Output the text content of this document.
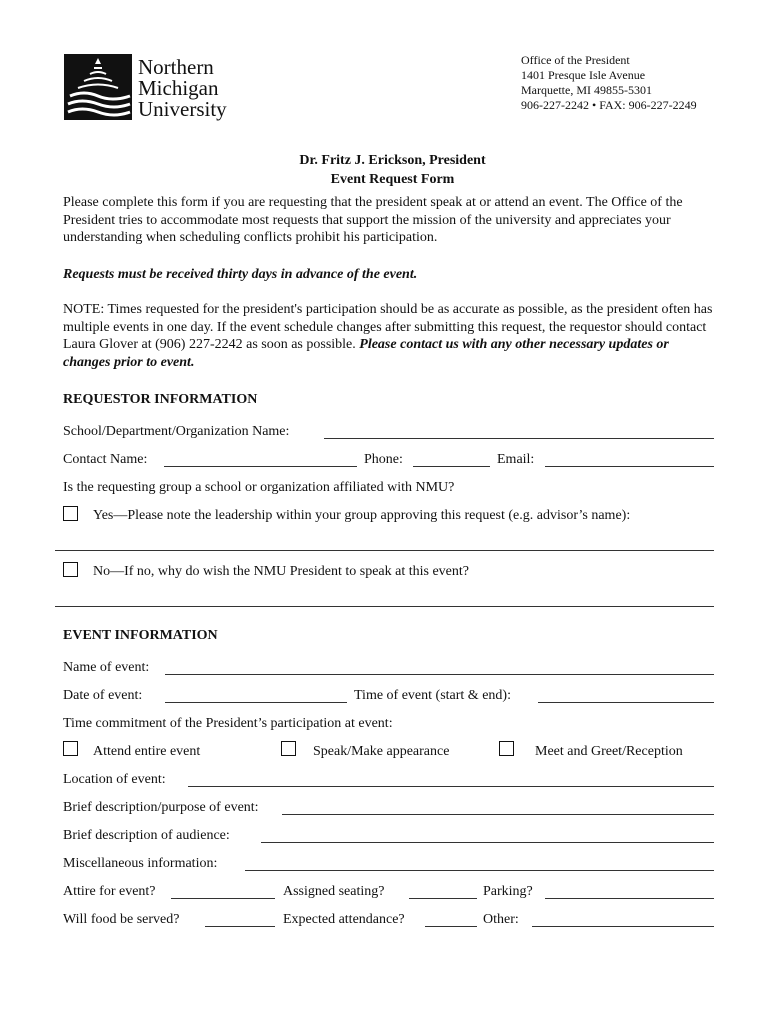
Northern
Michigan
University
Office of the President
1401 Presque Isle Avenue
Marquette, MI 49855-5301
906-227-2242 • FAX: 906-227-2249
Dr. Fritz J. Erickson, President
Event Request Form
Please complete this form if you are requesting that the president speak at or attend an event. The Office of the President tries to accommodate most requests that support the mission of the university and appreciates your understanding when scheduling conflicts prohibit his participation.
Requests must be received thirty days in advance of the event.
NOTE: Times requested for the president's participation should be as accurate as possible, as the president often has multiple events in one day. If the event schedule changes after submitting this request, the requestor should contact Laura Glover at (906) 227-2242 as soon as possible. Please contact us with any other necessary updates or changes prior to event.
REQUESTOR INFORMATION
School/Department/Organization Name:
Contact Name:	Phone:	Email:
Is the requesting group a school or organization affiliated with NMU?
Yes—Please note the leadership within your group approving this request (e.g. advisor’s name):
No—If no, why do wish the NMU President to speak at this event?
EVENT INFORMATION
Name of event:
Date of event:	Time of event (start & end):
Time commitment of the President’s participation at event:
Attend entire event	Speak/Make appearance	Meet and Greet/Reception
Location of event:
Brief description/purpose of event:
Brief description of audience:
Miscellaneous information:
Attire for event?	Assigned seating?	Parking?
Will food be served?	Expected attendance?	Other:
